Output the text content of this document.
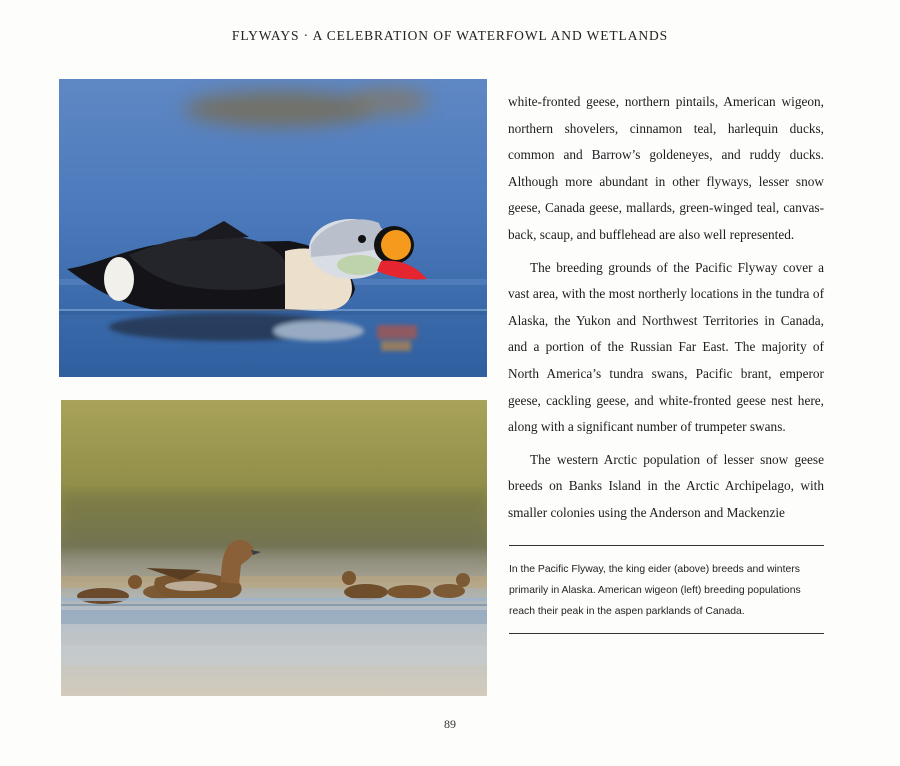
FLYWAYS · A CELEBRATION OF WATERFOWL AND WETLANDS

white-fronted geese, northern pintails, American wigeon, northern shovelers, cinnamon teal, harlequin ducks, common and Barrow’s goldeneyes, and ruddy ducks. Although more abundant in other flyways, lesser snow geese, Canada geese, mallards, green-winged teal, canvas-back, scaup, and bufflehead are also well represented.

The breeding grounds of the Pacific Flyway cover a vast area, with the most northerly locations in the tundra of Alaska, the Yukon and Northwest Territories in Canada, and a portion of the Russian Far East. The majority of North America’s tundra swans, Pacific brant, emperor geese, cackling geese, and white-fronted geese nest here, along with a significant number of trumpeter swans.

The western Arctic population of lesser snow geese breeds on Banks Island in the Arctic Archipelago, with smaller colonies using the Anderson and Mackenzie

In the Pacific Flyway, the king eider (above) breeds and winters primarily in Alaska. American wigeon (left) breeding populations reach their peak in the aspen parklands of Canada.
89
